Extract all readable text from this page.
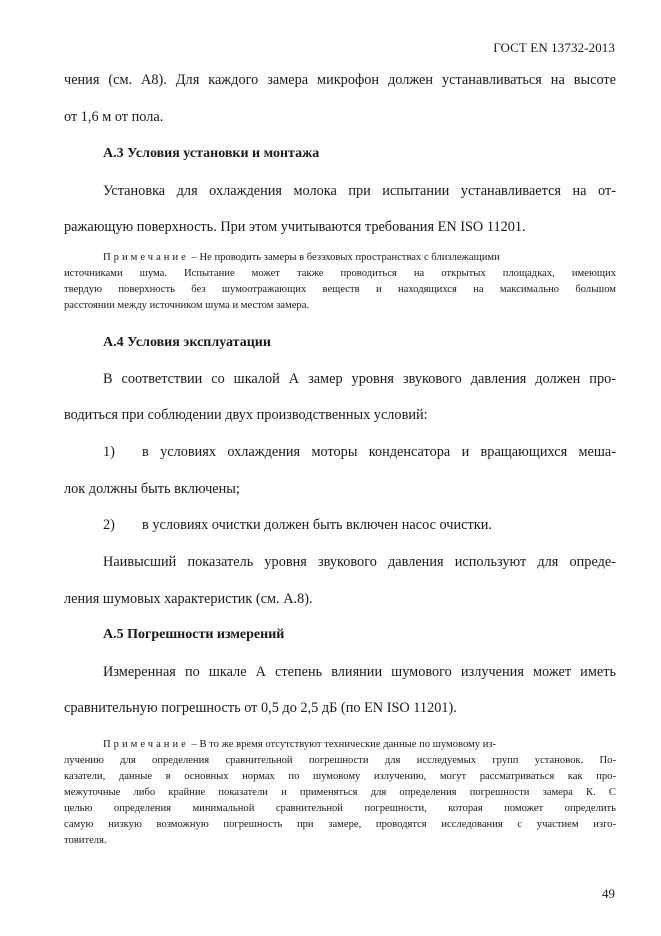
ГОСТ EN 13732-2013
чения (см. А8). Для каждого замера микрофон должен устанавливаться на высоте
от 1,6 м от пола.
А.3 Условия установки и монтажа
Установка для охлаждения молока при испытании устанавливается на от-
ражающую поверхность. При этом учитываются требования EN ISO 11201.
Примечание – Не проводить замеры в безэховых пространствах с близлежащими
источниками шума. Испытание может также проводиться на открытых площадках, имеющих
твердую поверхность без шумоотражающих веществ и находящихся на максимально большом
расстоянии между источником шума и местом замера.
А.4 Условия эксплуатации
В соответствии со шкалой А замер уровня звукового давления должен про-
водиться при соблюдении двух производственных условий:
1) в условиях охлаждения моторы конденсатора и вращающихся меша-
лок должны быть включены;
2) в условиях очистки должен быть включен насос очистки.
Наивысший показатель уровня звукового давления используют для опреде-
ления шумовых характеристик (см. А.8).
А.5 Погрешности измерений
Измеренная по шкале А степень влиянии шумового излучения может иметь
сравнительную погрешность от 0,5 до 2,5 дБ (по EN ISO 11201).
Примечание – В то же время отсутствуют технические данные по шумовому из-
лучению для определения сравнительной погрешности для исследуемых групп установок. По-
казатели, данные в основных нормах по шумовому излучению, могут рассматриваться как про-
межуточные либо крайние показатели и применяться для определения погрешности замера К. С
целью определения минимальной сравнительной погрешности, которая поможет определить
самую низкую возможную погрешность при замере, проводятся исследования с участием изго-
товителя.
49
